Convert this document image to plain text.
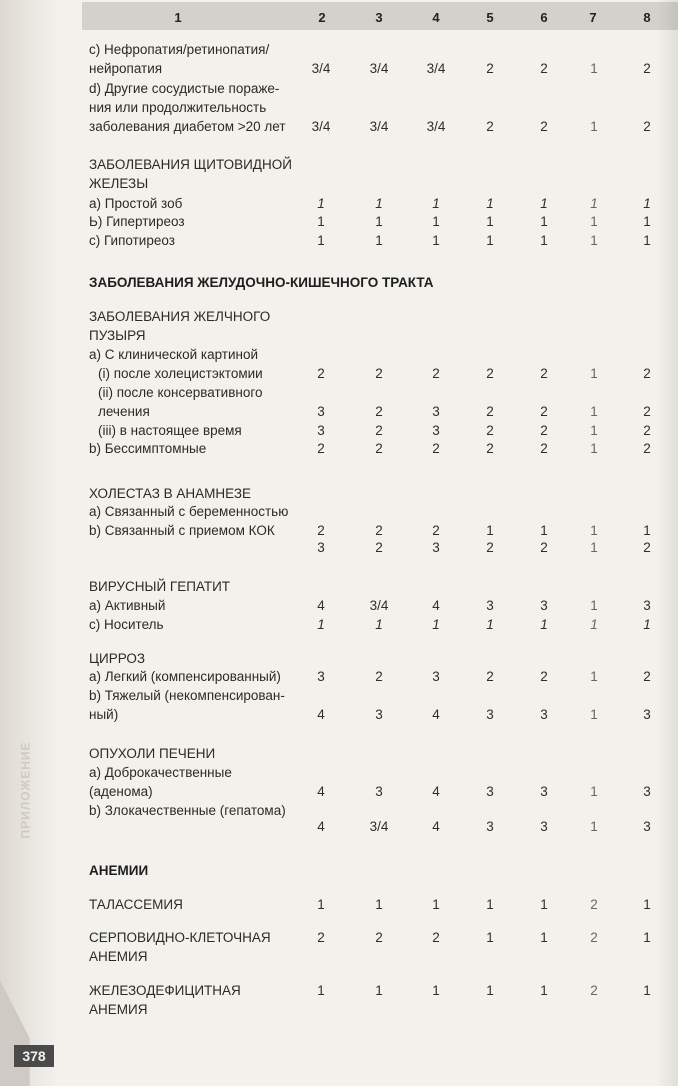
ПРИЛОЖЕНИЕ
378
1	2	3	4	5	6	7	8
c) Нефропатия/ретинопатия/
нейропатия	3/4	3/4	3/4	2	2	1	2
d) Другие сосудистые пораже-
ния или продолжительность
заболевания диабетом >20 лет 3/4	3/4	3/4	2	2	1	2
ЗАБОЛЕВАНИЯ ЩИТОВИДНОЙ
ЖЕЛЕЗЫ
a) Простой зоб	1	1	1	1	1	1	1
Ь) Гипертиреоз	1	1	1	1	1	1	1
c) Гипотиреоз	1	1	1	1	1	1	1
ЗАБОЛЕВАНИЯ ЖЕЛУДОЧНО-КИШЕЧНОГО ТРАКТА
ЗАБОЛЕВАНИЯ ЖЕЛЧНОГО
ПУЗЫРЯ
a) С клинической картиной
(i) после холецистэктомии	2	2	2	2	2	1	2
(ii) после консервативного
лечения	3	2	3	2	2	1	2
(iii) в настоящее время	3	2	3	2	2	1	2
b) Бессимптомные	2	2	2	2	2	1	2
ХОЛЕСТАЗ В АНАМНЕЗЕ
a) Связанный с беременностью
b) Связанный с приемом КОК	2	2	2	1	1	1	1
3	2	3	2	2	1	2
ВИРУСНЫЙ ГЕПАТИТ
a) Активный	4	3/4	4	3	3	1	3
c) Носитель	1	1	1	1	1	1	1
ЦИРРОЗ
a) Легкий (компенсированный)	3	2	3	2	2	1	2
b) Тяжелый (некомпенсирован-
ный)	4	3	4	3	3	1	3
ОПУХОЛИ ПЕЧЕНИ
a) Доброкачественные
(аденома)	4	3	4	3	3	1	3
b) Злокачественные (гепатома)
4	3/4	4	3	3	1	3
АНЕМИИ
ТАЛАССЕМИЯ	1	1	1	1	1	2	1
СЕРПОВИДНО-КЛЕТОЧНАЯ	2	2	2	1	1	2	1
АНЕМИЯ
ЖЕЛЕЗОДЕФИЦИТНАЯ	1	1	1	1	1	2	1
АНЕМИЯ
